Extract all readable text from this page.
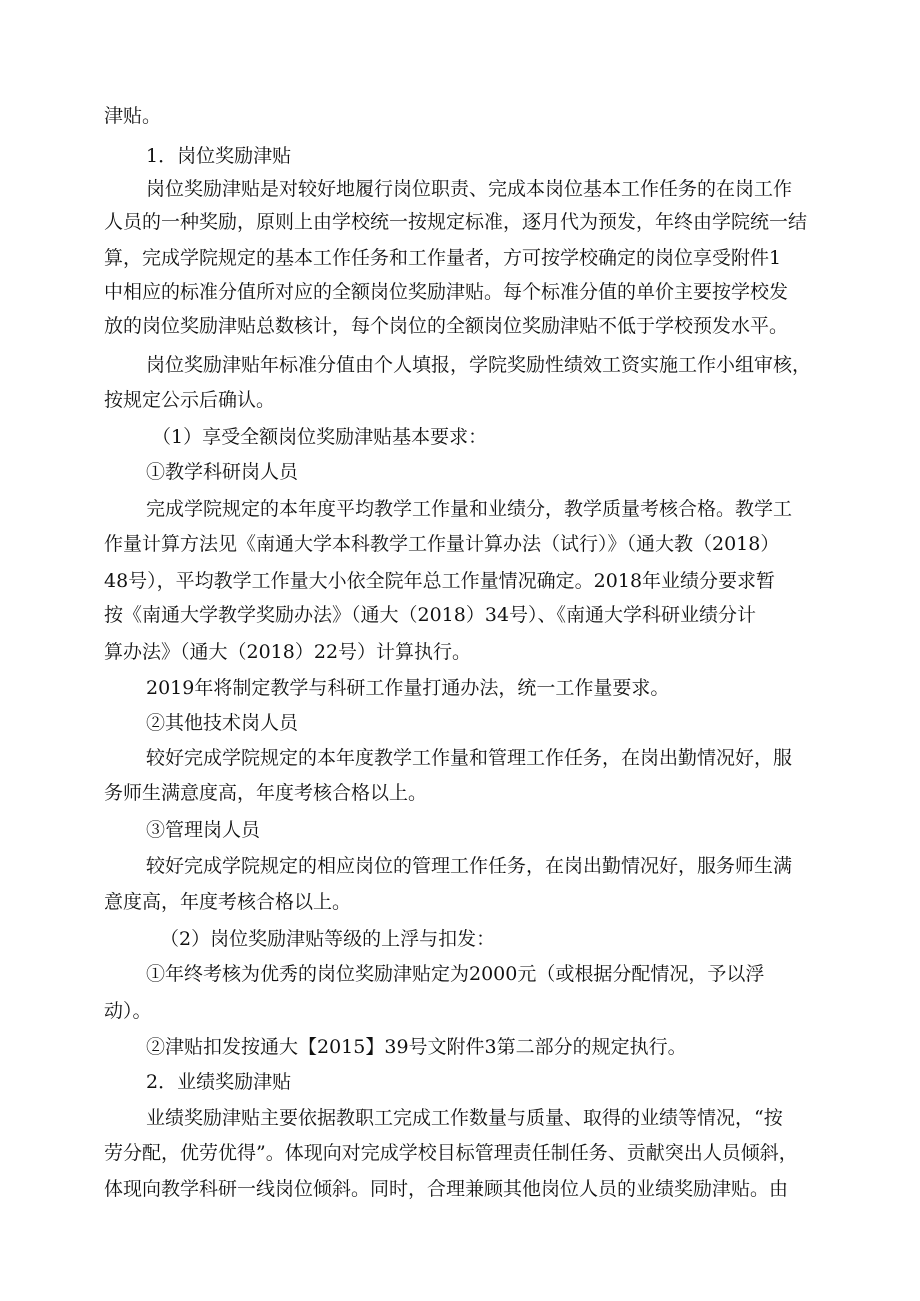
津贴。
1．岗位奖励津贴
岗位奖励津贴是对较好地履行岗位职责、完成本岗位基本工作任务的在岗工作
人员的一种奖励，原则上由学校统一按规定标准，逐月代为预发，年终由学院统一结
算，完成学院规定的基本工作任务和工作量者，方可按学校确定的岗位享受附件1
中相应的标准分值所对应的全额岗位奖励津贴。每个标准分值的单价主要按学校发
放的岗位奖励津贴总数核计，每个岗位的全额岗位奖励津贴不低于学校预发水平。
岗位奖励津贴年标准分值由个人填报，学院奖励性绩效工资实施工作小组审核，
按规定公示后确认。
（1）享受全额岗位奖励津贴基本要求：
①教学科研岗人员
完成学院规定的本年度平均教学工作量和业绩分，教学质量考核合格。教学工
作量计算方法见《南通大学本科教学工作量计算办法（试行）》（通大教（2018）
48号），平均教学工作量大小依全院年总工作量情况确定。2018年业绩分要求暂
按《南通大学教学奖励办法》（通大（2018）34号）、《南通大学科研业绩分计
算办法》（通大（2018）22号）计算执行。
2019年将制定教学与科研工作量打通办法，统一工作量要求。
②其他技术岗人员
较好完成学院规定的本年度教学工作量和管理工作任务，在岗出勤情况好，服
务师生满意度高，年度考核合格以上。
③管理岗人员
较好完成学院规定的相应岗位的管理工作任务，在岗出勤情况好，服务师生满
意度高，年度考核合格以上。
（2）岗位奖励津贴等级的上浮与扣发：
①年终考核为优秀的岗位奖励津贴定为2000元（或根据分配情况，予以浮
动）。
②津贴扣发按通大【2015】39号文附件3第二部分的规定执行。
2．业绩奖励津贴
业绩奖励津贴主要依据教职工完成工作数量与质量、取得的业绩等情况，“按
劳分配，优劳优得”。体现向对完成学校目标管理责任制任务、贡献突出人员倾斜，
体现向教学科研一线岗位倾斜。同时，合理兼顾其他岗位人员的业绩奖励津贴。由
